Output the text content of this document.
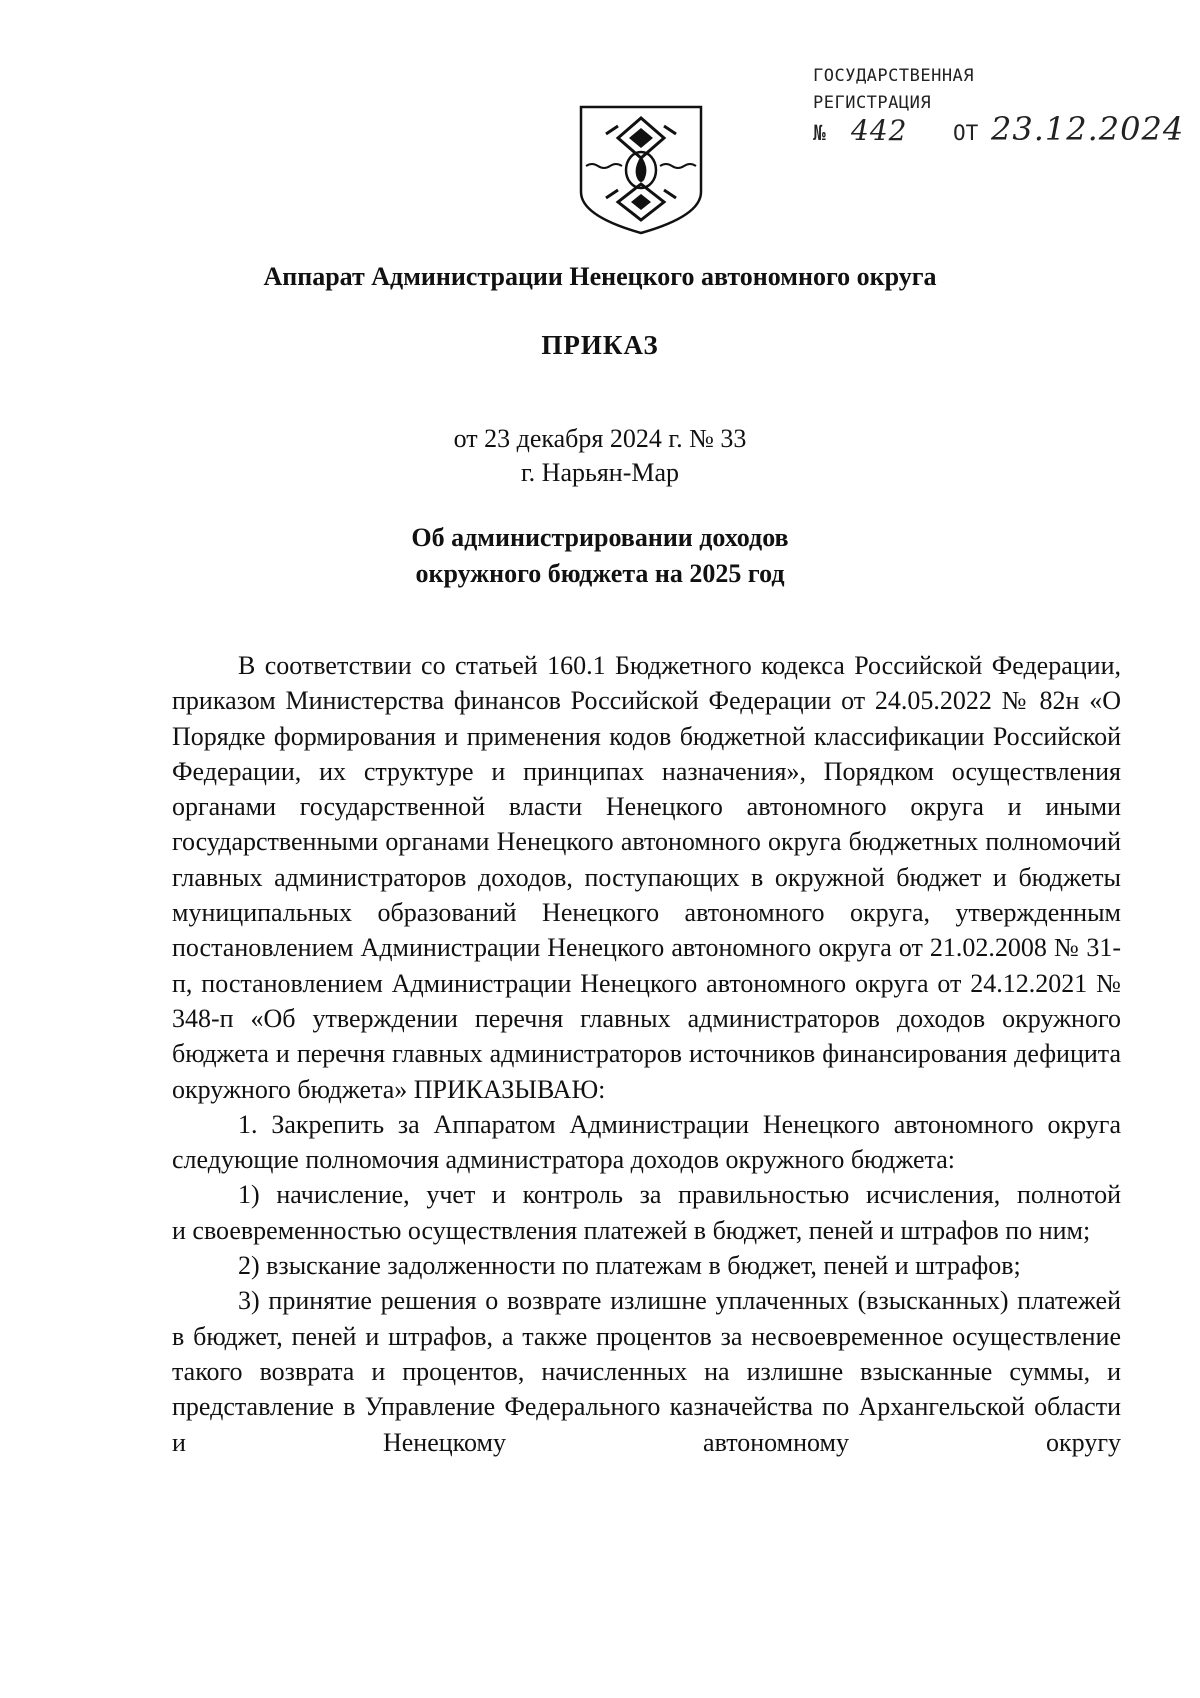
ГОСУДАРСТВЕННАЯ
РЕГИСТРАЦИЯ
№ 442 ОТ 23.12.2024
Аппарат Администрации Ненецкого автономного округа
ПРИКАЗ
от 23 декабря 2024 г. № 33
г. Нарьян-Мар
Об администрировании доходов
окружного бюджета на 2025 год

В соответствии со статьей 160.1 Бюджетного кодекса Российской Федерации, приказом Министерства финансов Российской Федерации от 24.05.2022 № 82н «О Порядке формирования и применения кодов бюджетной классификации Российской Федерации, их структуре и принципах назначения», Порядком осуществления органами государственной власти Ненецкого автономного округа и иными государственными органами Ненецкого автономного округа бюджетных полномочий главных администраторов доходов, поступающих в окружной бюджет и бюджеты муниципальных образований Ненецкого автономного округа, утвержденным постановлением Администрации Ненецкого автономного округа от 21.02.2008 № 31-п, постановлением Администрации Ненецкого автономного округа от 24.12.2021 № 348-п «Об утверждении перечня главных администраторов доходов окружного бюджета и перечня главных администраторов источников финансирования дефицита окружного бюджета» ПРИКАЗЫВАЮ:

1. Закрепить за Аппаратом Администрации Ненецкого автономного округа следующие полномочия администратора доходов окружного бюджета:

1) начисление, учет и контроль за правильностью исчисления, полнотой

и своевременностью осуществления платежей в бюджет, пеней и штрафов по ним;

2) взыскание задолженности по платежам в бюджет, пеней и штрафов;

3) принятие решения о возврате излишне уплаченных (взысканных) платежей в бюджет, пеней и штрафов, а также процентов за несвоевременное осуществление такого возврата и процентов, начисленных на излишне взысканные суммы, и представление в Управление Федерального казначейства по Архангельской области и Ненецкому автономному округу
